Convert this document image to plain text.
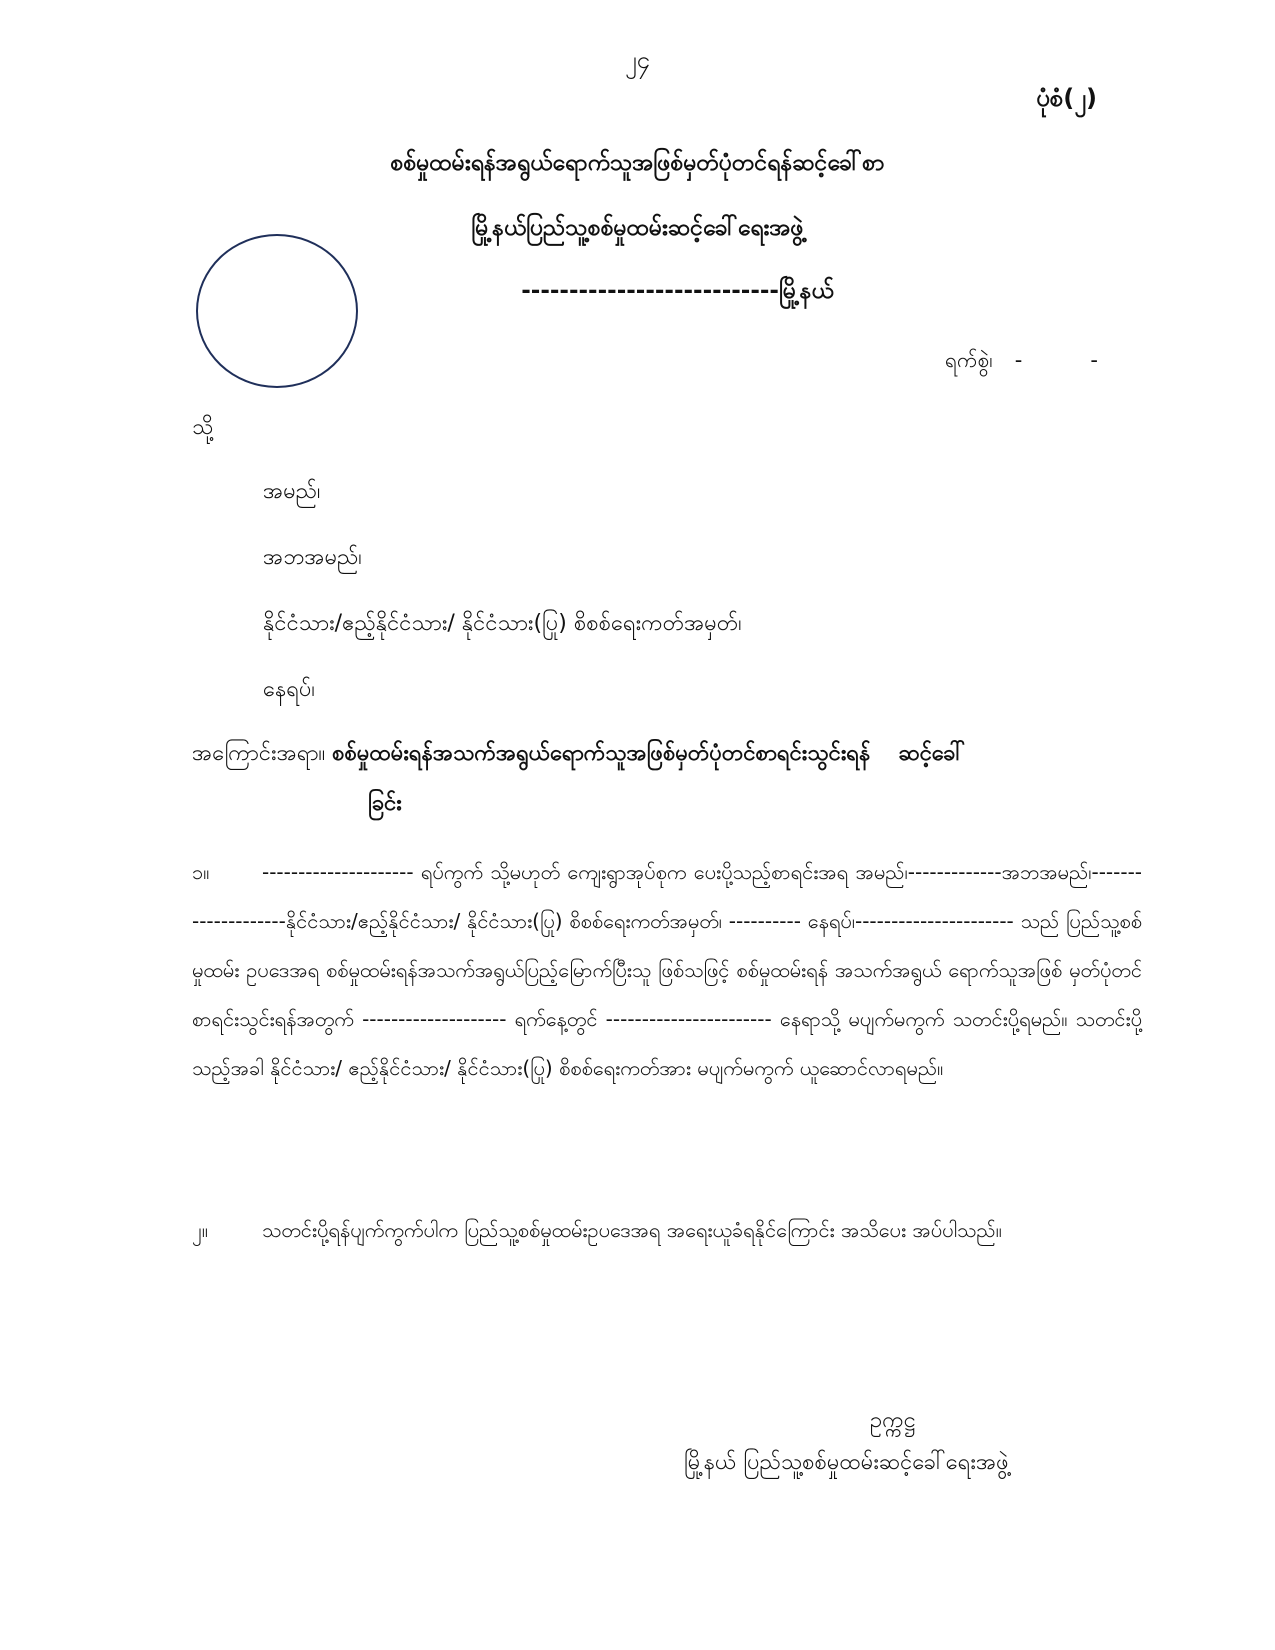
၂၄
ပုံစံ(၂)
စစ်မှုထမ်းရန်အရွယ်ရောက်သူအဖြစ်မှတ်ပုံတင်ရန်ဆင့်ခေါ်စာ
မြို့နယ်ပြည်သူ့စစ်မှုထမ်းဆင့်ခေါ်ရေးအဖွဲ့
---------------------------မြို့နယ်
ရက်စွဲ၊ -	-
သို့
အမည်၊
အဘအမည်၊
နိုင်ငံသား/ဧည့်နိုင်ငံသား/ နိုင်ငံသား(ပြု) စိစစ်ရေးကတ်အမှတ်၊
နေရပ်၊
အကြောင်းအရာ။ စစ်မှုထမ်းရန်အသက်အရွယ်ရောက်သူအဖြစ်မှတ်ပုံတင်စာရင်းသွင်းရန် ဆင့်ခေါ်
ခြင်း
၁။	--------------------- ရပ်ကွက် သို့မဟုတ် ကျေးရွာအုပ်စုက ပေးပို့သည့်စာရင်းအရ အမည်၊-------------အဘအမည်၊--------------------နိုင်ငံသား/ဧည့်နိုင်ငံသား/ နိုင်ငံသား(ပြု) စိစစ်ရေးကတ်အမှတ်၊ ---------- နေရပ်၊---------------------- သည် ပြည်သူ့စစ်မှုထမ်း ဥပဒေအရ စစ်မှုထမ်းရန်အသက်အရွယ်ပြည့်မြောက်ပြီးသူ ဖြစ်သဖြင့် စစ်မှုထမ်းရန် အသက်အရွယ် ရောက်သူအဖြစ် မှတ်ပုံတင်စာရင်းသွင်းရန်အတွက် -------------------- ရက်နေ့တွင် ----------------------- နေရာသို့ မပျက်မကွက် သတင်းပို့ရမည်။ သတင်းပို့သည့်အခါ နိုင်ငံသား/ ဧည့်နိုင်ငံသား/ နိုင်ငံသား(ပြု) စိစစ်ရေးကတ်အား မပျက်မကွက် ယူဆောင်လာရမည်။
၂။	သတင်းပို့ရန်ပျက်ကွက်ပါက ပြည်သူ့စစ်မှုထမ်းဥပဒေအရ အရေးယူခံရနိုင်ကြောင်း အသိပေး အပ်ပါသည်။
ဥက္ကဋ္ဌ
မြို့နယ် ပြည်သူ့စစ်မှုထမ်းဆင့်ခေါ်ရေးအဖွဲ့
